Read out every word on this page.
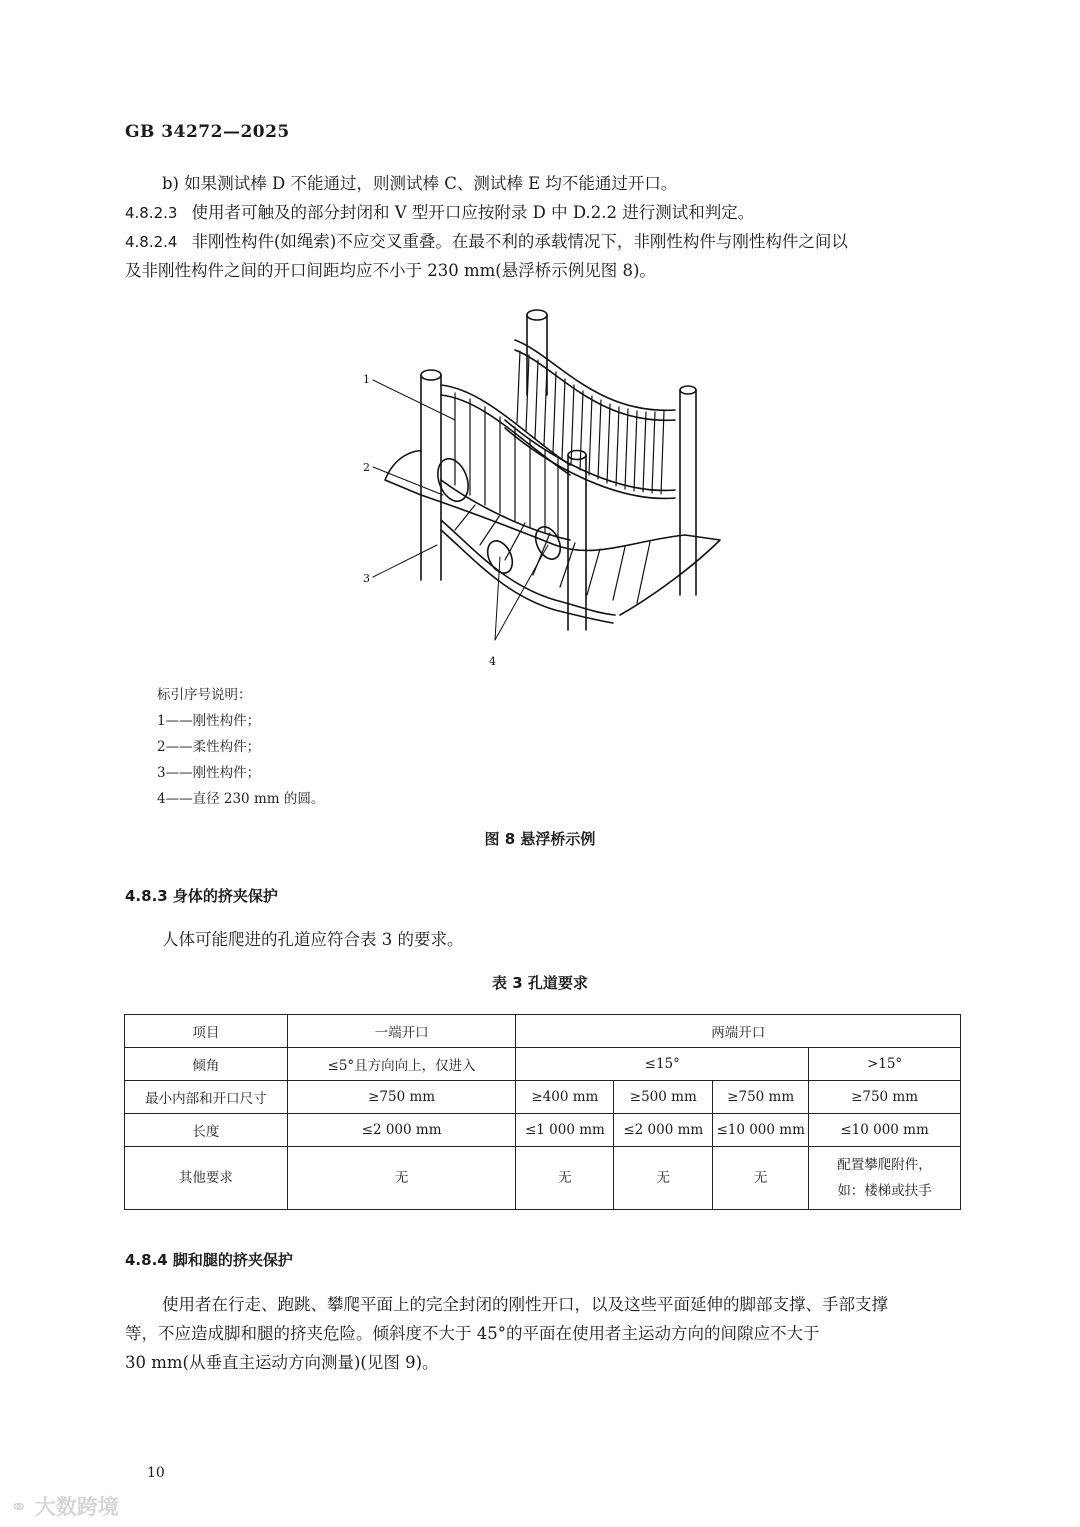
GB 34272—2025
b) 如果测试棒 D 不能通过，则测试棒 C、测试棒 E 均不能通过开口。
4.8.2.3 使用者可触及的部分封闭和 V 型开口应按附录 D 中 D.2.2 进行测试和判定。
4.8.2.4 非刚性构件(如绳索)不应交叉重叠。在最不利的承载情况下，非刚性构件与刚性构件之间以
及非刚性构件之间的开口间距均应不小于 230 mm(悬浮桥示例见图 8)。
1
2
3
4
标引序号说明：
1——刚性构件；
2——柔性构件；
3——刚性构件；
4——直径 230 mm 的圆。
图 8 悬浮桥示例
4.8.3 身体的挤夹保护
人体可能爬进的孔道应符合表 3 的要求。
表 3 孔道要求
项目	一端开口	两端开口			
倾角	≤5°且方向向上，仅进入	≤15°			>15°
最小内部和开口尺寸	≥750 mm	≥400 mm	≥500 mm	≥750 mm	≥750 mm
长度	≤2 000 mm	≤1 000 mm	≤2 000 mm	≤10 000 mm	≤10 000 mm
其他要求	无	无	无	无	配置攀爬附件，
如：楼梯或扶手
4.8.4 脚和腿的挤夹保护
使用者在行走、跑跳、攀爬平面上的完全封闭的刚性开口，以及这些平面延伸的脚部支撑、手部支撑
等，不应造成脚和腿的挤夹危险。倾斜度不大于 45°的平面在使用者主运动方向的间隙应不大于
30 mm(从垂直主运动方向测量)(见图 9)。
10
⚭ 大数跨境
